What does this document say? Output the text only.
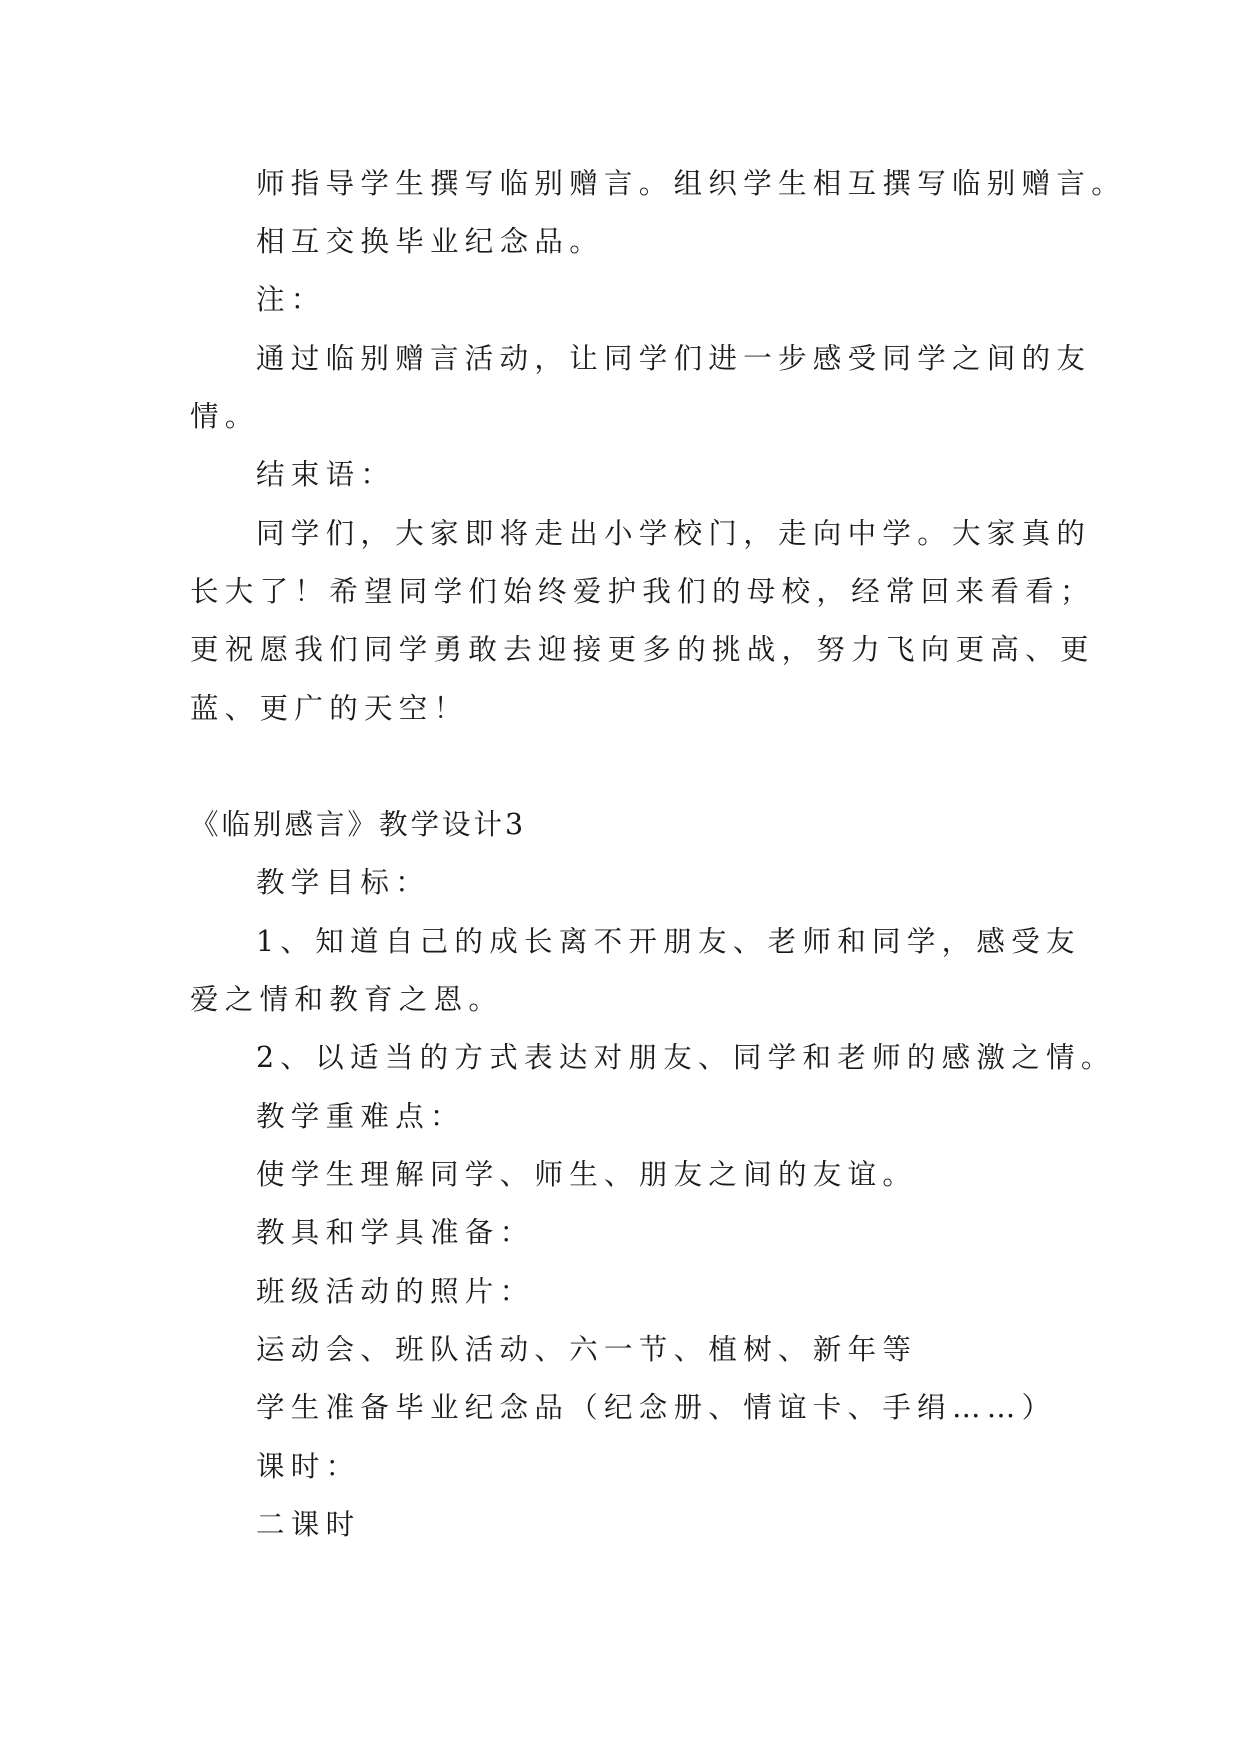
师指导学生撰写临别赠言。组织学生相互撰写临别赠言。
相互交换毕业纪念品。
注：
通过临别赠言活动，让同学们进一步感受同学之间的友
情。
结束语：
同学们，大家即将走出小学校门，走向中学。大家真的
长大了！希望同学们始终爱护我们的母校，经常回来看看；
更祝愿我们同学勇敢去迎接更多的挑战，努力飞向更高、更
蓝、更广的天空！
《临别感言》教学设计3
教学目标：
1、知道自己的成长离不开朋友、老师和同学，感受友
爱之情和教育之恩。
2、以适当的方式表达对朋友、同学和老师的感激之情。
教学重难点：
使学生理解同学、师生、朋友之间的友谊。
教具和学具准备：
班级活动的照片：
运动会、班队活动、六一节、植树、新年等
学生准备毕业纪念品（纪念册、情谊卡、手绢……）
课时：
二课时
